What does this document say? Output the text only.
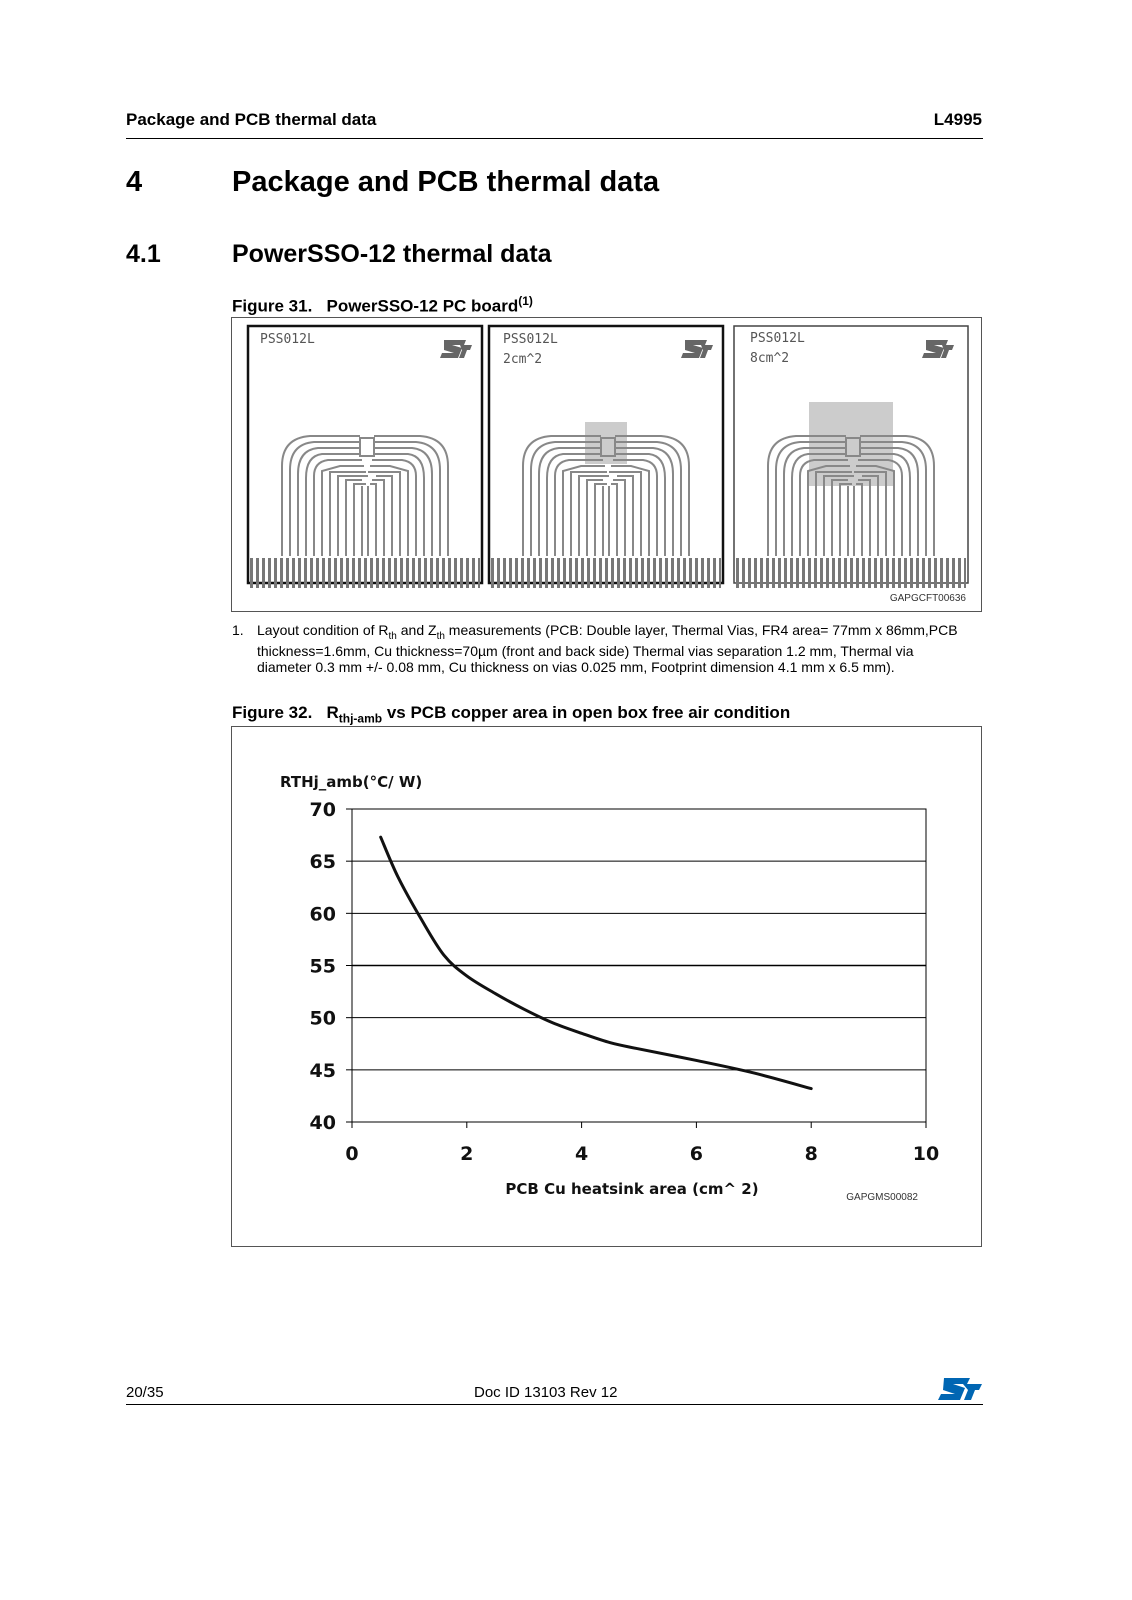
Package and PCB thermal data	L4995
4	Package and PCB thermal data
4.1	PowerSSO-12 thermal data
Figure 31. PowerSSO-12 PC board$^{(1)}$
PSS012L	PSS012L
2cm^2
PSS012L
8cm^2
GAPGCFT00636
1. Layout condition of $R_{th}$ and $Z_{th}$ measurements (PCB: Double layer, Thermal Vias, FR4 area= 77mm x 86mm,PCB thickness=1.6mm, Cu thickness=70µm (front and back side) Thermal vias separation 1.2 mm, Thermal via diameter 0.3 mm +/- 0.08 mm, Cu thickness on vias 0.025 mm, Footprint dimension 4.1 mm x 6.5 mm).
Figure 32. $R_{thj-amb}$ vs PCB copper area in open box free air condition
40
45
50
55
60
65
70
0	2	4	6	8	10
RTHj_amb(°C/ W)
PCB Cu heatsink area (cm^ 2)	GAPGMS00082
20/35	Doc ID 13103 Rev 12
